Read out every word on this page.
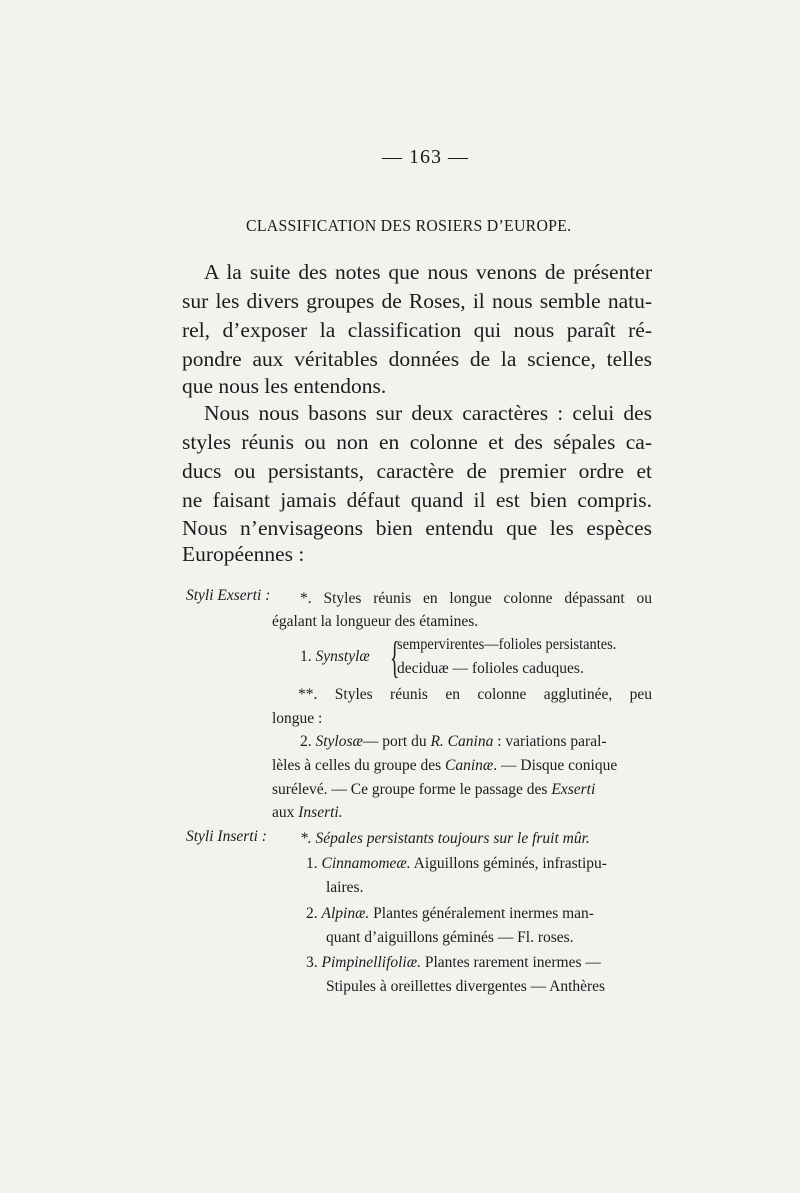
— 163 —
CLASSIFICATION DES ROSIERS D’EUROPE.
A la suite des notes que nous venons de présenter
sur les divers groupes de Roses, il nous semble natu-
rel, d’exposer la classification qui nous paraît ré-
pondre aux véritables données de la science, telles
que nous les entendons.
Nous nous basons sur deux caractères : celui des
styles réunis ou non en colonne et des sépales ca-
ducs ou persistants, caractère de premier ordre et
ne faisant jamais défaut quand il est bien compris.
Nous n’envisageons bien entendu que les espèces
Européennes :
Styli Exserti : *. Styles réunis en longue colonne dépassant ou
égalant la longueur des étamines.
1. Synstylæ {
sempervirentes—folioles persistantes.
deciduæ — folioles caduques.
**. Styles réunis en colonne agglutinée, peu
longue :
2. Stylosæ— port du R. Canina : variations paral-
lèles à celles du groupe des Caninæ. — Disque conique
surélevé. — Ce groupe forme le passage des Exserti
aux Inserti.
Styli Inserti : *. Sépales persistants toujours sur le fruit mûr.
1. Cinnamomeæ. Aiguillons géminés, infrastipu-
laires.
2. Alpinæ. Plantes généralement inermes man-
quant d’aiguillons géminés — Fl. roses.
3. Pimpinellifoliæ. Plantes rarement inermes —
Stipules à oreillettes divergentes — Anthères
